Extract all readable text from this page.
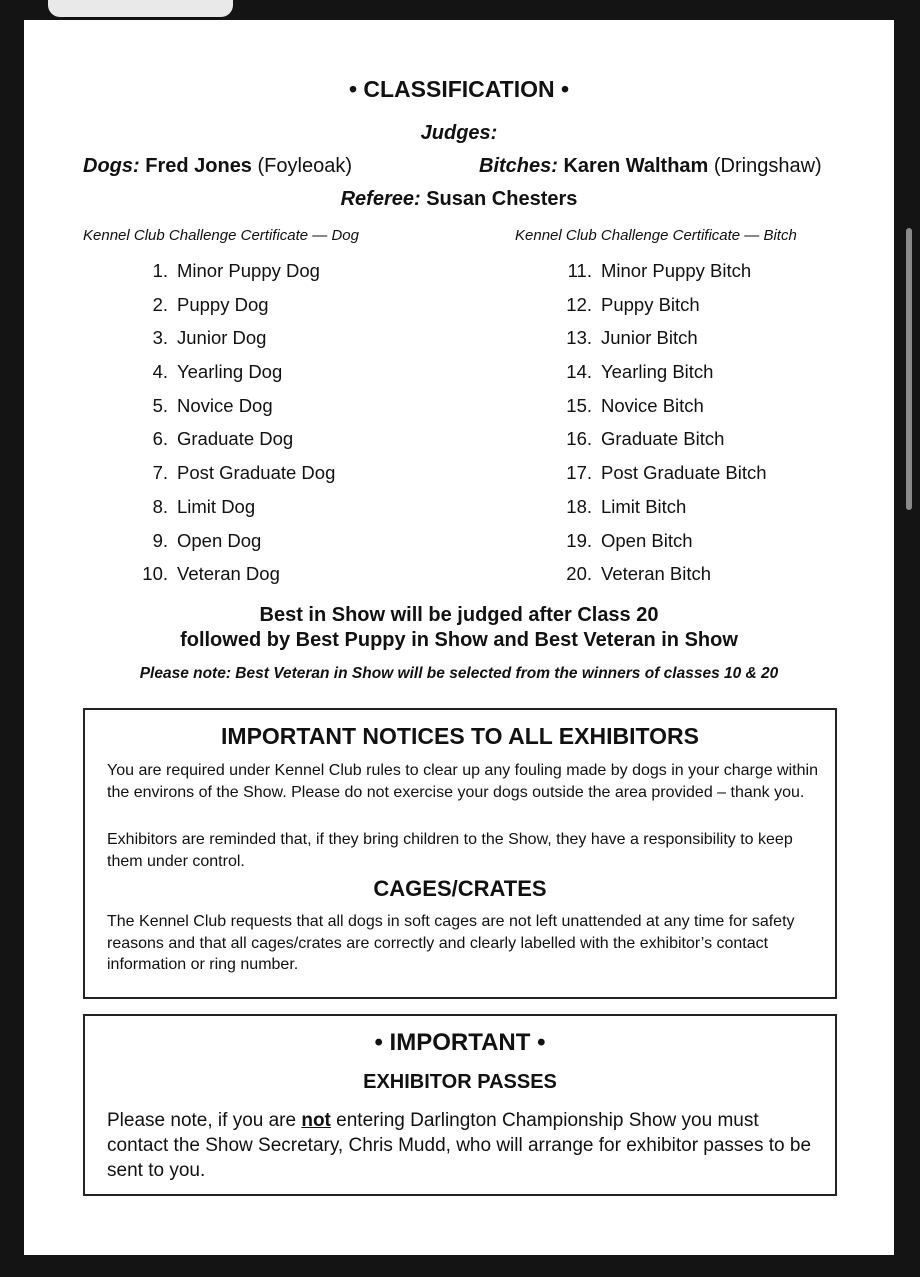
• CLASSIFICATION •
Judges:
Dogs: Fred Jones (Foyleoak)	Bitches: Karen Waltham (Dringshaw)
Referee: Susan Chesters
Kennel Club Challenge Certificate — Dog	Kennel Club Challenge Certificate — Bitch
1. Minor Puppy Dog
2. Puppy Dog
3. Junior Dog
4. Yearling Dog
5. Novice Dog
6. Graduate Dog
7. Post Graduate Dog
8. Limit Dog
9. Open Dog
10. Veteran Dog
11. Minor Puppy Bitch
12. Puppy Bitch
13. Junior Bitch
14. Yearling Bitch
15. Novice Bitch
16. Graduate Bitch
17. Post Graduate Bitch
18. Limit Bitch
19. Open Bitch
20. Veteran Bitch
Best in Show will be judged after Class 20
followed by Best Puppy in Show and Best Veteran in Show
Please note: Best Veteran in Show will be selected from the winners of classes 10 & 20
IMPORTANT NOTICES TO ALL EXHIBITORS
You are required under Kennel Club rules to clear up any fouling made by dogs in your charge within the environs of the Show. Please do not exercise your dogs outside the area provided – thank you.
Exhibitors are reminded that, if they bring children to the Show, they have a responsibility to keep them under control.
CAGES/CRATES
The Kennel Club requests that all dogs in soft cages are not left unattended at any time for safety reasons and that all cages/crates are correctly and clearly labelled with the exhibitor’s contact information or ring number.
• IMPORTANT •
EXHIBITOR PASSES
Please note, if you are not entering Darlington Championship Show you must contact the Show Secretary, Chris Mudd, who will arrange for exhibitor passes to be sent to you.
